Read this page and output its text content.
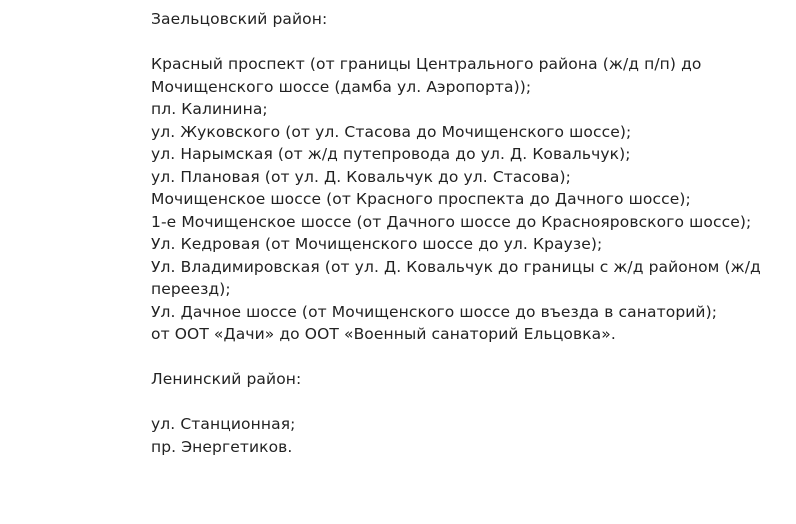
Заельцовский район:

Красный проспект (от границы Центрального района (ж/д п/п) до Мочищенского шоссе (дамба ул. Аэропорта));
пл. Калинина;
ул. Жуковского (от ул. Стасова до Мочищенского шоссе);
ул. Нарымская (от ж/д путепровода до ул. Д. Ковальчук);
ул. Плановая (от ул. Д. Ковальчук до ул. Стасова);
Мочищенское шоссе (от Красного проспекта до Дачного шоссе);
1-е Мочищенское шоссе (от Дачного шоссе до Краснояровского шоссе);
Ул. Кедровая (от Мочищенского шоссе до ул. Краузе);
Ул. Владимировская (от ул. Д. Ковальчук до границы с ж/д районом (ж/д переезд);
Ул. Дачное шоссе (от Мочищенского шоссе до въезда в санаторий);
от ООТ «Дачи» до ООТ «Военный санаторий Ельцовка».

Ленинский район:

ул. Станционная;
пр. Энергетиков.
